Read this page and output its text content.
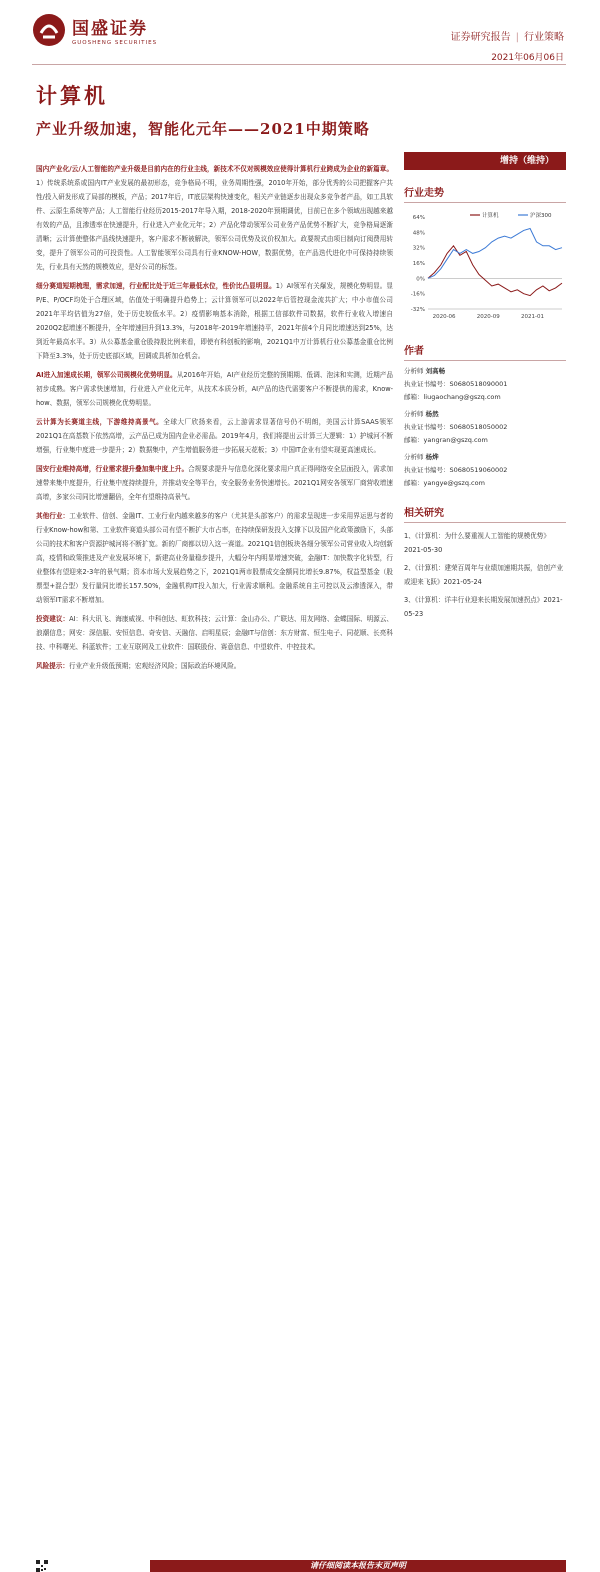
国盛证券
GUOSHENG SECURITIES	证券研究报告 | 行业策略
2021年06月06日
计算机
产业升级加速，智能化元年——2021中期策略

国内产业化/云/人工智能的产业升级是目前内在的行业主线，新技术不仅对规模效应使得计算机行业跨成为企业的新篇章。1）传统系统系或国内IT产业发展的最初形态，竞争格局不明，业务周期性强，2010年开始，部分优秀的公司把握客户共性/投入研发形成了局部的模板，产品；2017年后，IT底层架构快速变化，相关产业链逐步出现众多竞争者产品，如工具软件、云原生系统等产品；人工智能行业经历2015-2017年导入期，2018-2020年预期调优，目前已在多个领域出现越来越有效的产品，且渗透率在快速提升，行业进入产业化元年；2）产品化带动领军公司业务产品优势不断扩大，竞争格局逐渐清晰；云计算使整体产品线快速提升，客户需求不断被解决，领军公司优势及议价权加大。政要规式由项目制向订阅费用转变，提升了领军公司的可投资性。人工智能领军公司具有行业KNOW-HOW，数据优势，在产品迭代进化中可保持持续领先，行业具有天然的规模效应，是好公司的标签。

细分赛道短期梳理，需求加速，行业配比处于近三年最低水位，性价比凸显明显。1）AI领军有关爆发，规模化势明显。显P/E、P/OCF均处于合理区域，估值处于明确提升趋势上；云计算领军可以2022年后管控现金流共扩大；中小市值公司2021年平均估值为27倍，处于历史较低水平。2）疫情影响基本消除，根据工信部软件司数据，软件行业收入增速自2020Q2起增速不断提升，全年增速回升到13.3%，与2018年-2019年增速持平，2021年前4个月同比增速达到25%，达到近年最高水平。3）从公募基金重仓股持股比例来看，即使有科创板的影响，2021Q1中万计算机行业公募基金重仓比例下降至3.3%，处于历史底部区域，回调或具析加仓机会。

AI进入加速成长期，领军公司规模化优势明显。从2016年开始，AI产业经历完整的预期期、低调、泡沫和实测，近期产品初步成熟。客户需求快速增加，行业进入产业化元年，从技术本质分析，AI产品的迭代需要客户不断提供的需求，Know-how、数据，领军公司规模化优势明显。

云计算为长赛道主线，下游维持高景气。全球大厂欣扬来看，云上游需求显著信号仍不明朗，美国云计算SAAS领军2021Q1在高基数下依然高增，云产品已成为国内企业必需品。2019年4月，我们将提出云计算三大逻辑：1）护城河不断增强，行业集中度进一步提升；2）数据集中，产生增值服务进一步拓展天花板；3）中国IT企业有望实现更高速成长。

国安行业维持高增，行业需求提升叠加集中度上升。合规要求提升与信息化深化要求用户真正得网络安全层面投入，需求加速带来集中度提升，行业集中度持续提升，并推动安全等平台，安全服务业务快速增长。2021Q1网安各领军厂商营收增速高增，多家公司同比增速翻倍，全年有望维持高景气。

其他行业：工业软件、信创、金融IT、工业行业内越来越多的客户（尤其是头部客户）的需求呈现进一步采用界运思与者的行业Know-how和第、工业软件赛道头部公司有望不断扩大市占率，在持续保研发投入支撑下以及国产化政策激励下，头部公司的技术和客户资源护城河将不断扩宽。新的厂商都以切入这一赛道。2021Q1信创板块各细分领军公司营业收入均创新高，疫情和政策推进及产业发展环境下，新建高业务量稳步提升，大幅分年内明显增速突破，金融IT：加快数字化转型，行业整体有望迎来2-3年的景气期；资本市场大发展趋势之下，2021Q1两市股票成交金额同比增长9.87%，权益型基金（股票型+混合型）发行量同比增长157.50%，金融机构IT投入加大，行业需求顺利。金融系统自主可控以及云渗透深入，带动领军IT需求不断增加。

投资建议：AI：科大讯飞、海康威视、中科创达、虹软科技；云计算：金山办公、广联达、用友网络、金蝶国际、明源云、浪潮信息；网安：深信服、安恒信息、奇安信、天融信、启明星辰；金融IT与信创：东方财富、恒生电子、同花顺、长亮科技、中科曙光、科蓝软件；工业互联网及工业软件：国联股份、赛意信息、中望软件、中控技术。

风险提示：行业产业升级低预期；宏观经济风险；国际政治环境风险。

增持（维持）
行业走势
64%
48%
32%
16%
0%
-16%
-32%
2020-06	2020-09	2021-01
计算机	沪深300
作者
分析师 刘高畅
执业证书编号：S0680518090001
邮箱：liugaochang@gszq.com
分析师 杨然
执业证书编号：S0680518050002
邮箱：yangran@gszq.com
分析师 杨烨
执业证书编号：S0680519060002
邮箱：yangye@gszq.com
相关研究

1、《计算机：为什么要重视人工智能的规模优势》2021-05-30

2、《计算机：建荣百周年与业绩加速期共振，信创产业或迎来飞跃》2021-05-24

3、《计算机：详丰行业迎来长期发展加速拐点》2021-05-23

请仔细阅读本报告末页声明
